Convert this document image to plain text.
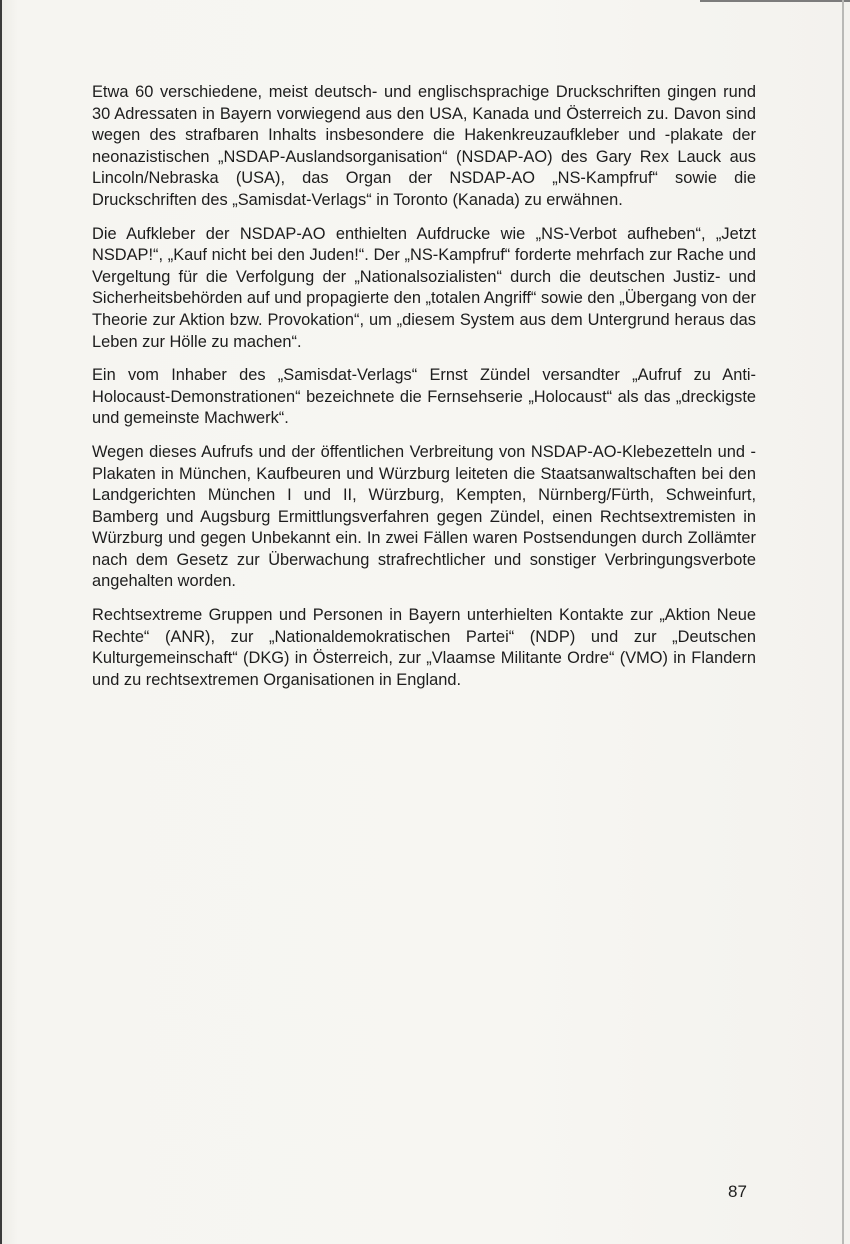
Etwa 60 verschiedene, meist deutsch- und englischsprachige Druckschriften gingen rund 30 Adressaten in Bayern vorwiegend aus den USA, Kanada und Österreich zu. Davon sind wegen des strafbaren Inhalts insbesondere die Hakenkreuzaufkleber und -plakate der neonazistischen „NSDAP-Auslandsorganisation“ (NSDAP-AO) des Gary Rex Lauck aus Lincoln/Nebraska (USA), das Organ der NSDAP-AO „NS-Kampfruf“ sowie die Druckschriften des „Samisdat-Verlags“ in Toronto (Kanada) zu erwähnen.

Die Aufkleber der NSDAP-AO enthielten Aufdrucke wie „NS-Verbot aufheben“, „Jetzt NSDAP!“, „Kauf nicht bei den Juden!“. Der „NS-Kampfruf“ forderte mehrfach zur Rache und Vergeltung für die Verfolgung der „Nationalsozialisten“ durch die deutschen Justiz- und Sicherheitsbehörden auf und propagierte den „totalen Angriff“ sowie den „Übergang von der Theorie zur Aktion bzw. Provokation“, um „diesem System aus dem Untergrund heraus das Leben zur Hölle zu machen“.

Ein vom Inhaber des „Samisdat-Verlags“ Ernst Zündel versandter „Aufruf zu Anti-Holocaust-Demonstrationen“ bezeichnete die Fernsehserie „Holocaust“ als das „dreckigste und gemeinste Machwerk“.

Wegen dieses Aufrufs und der öffentlichen Verbreitung von NSDAP-AO-Klebezetteln und -Plakaten in München, Kaufbeuren und Würzburg leiteten die Staatsanwaltschaften bei den Landgerichten München I und II, Würzburg, Kempten, Nürnberg/Fürth, Schweinfurt, Bamberg und Augsburg Ermittlungsverfahren gegen Zündel, einen Rechtsextremisten in Würzburg und gegen Unbekannt ein. In zwei Fällen waren Postsendungen durch Zollämter nach dem Gesetz zur Überwachung strafrechtlicher und sonstiger Verbringungsverbote angehalten worden.

Rechtsextreme Gruppen und Personen in Bayern unterhielten Kontakte zur „Aktion Neue Rechte“ (ANR), zur „Nationaldemokratischen Partei“ (NDP) und zur „Deutschen Kulturgemeinschaft“ (DKG) in Österreich, zur „Vlaamse Militante Ordre“ (VMO) in Flandern und zu rechtsextremen Organisationen in England.

87
